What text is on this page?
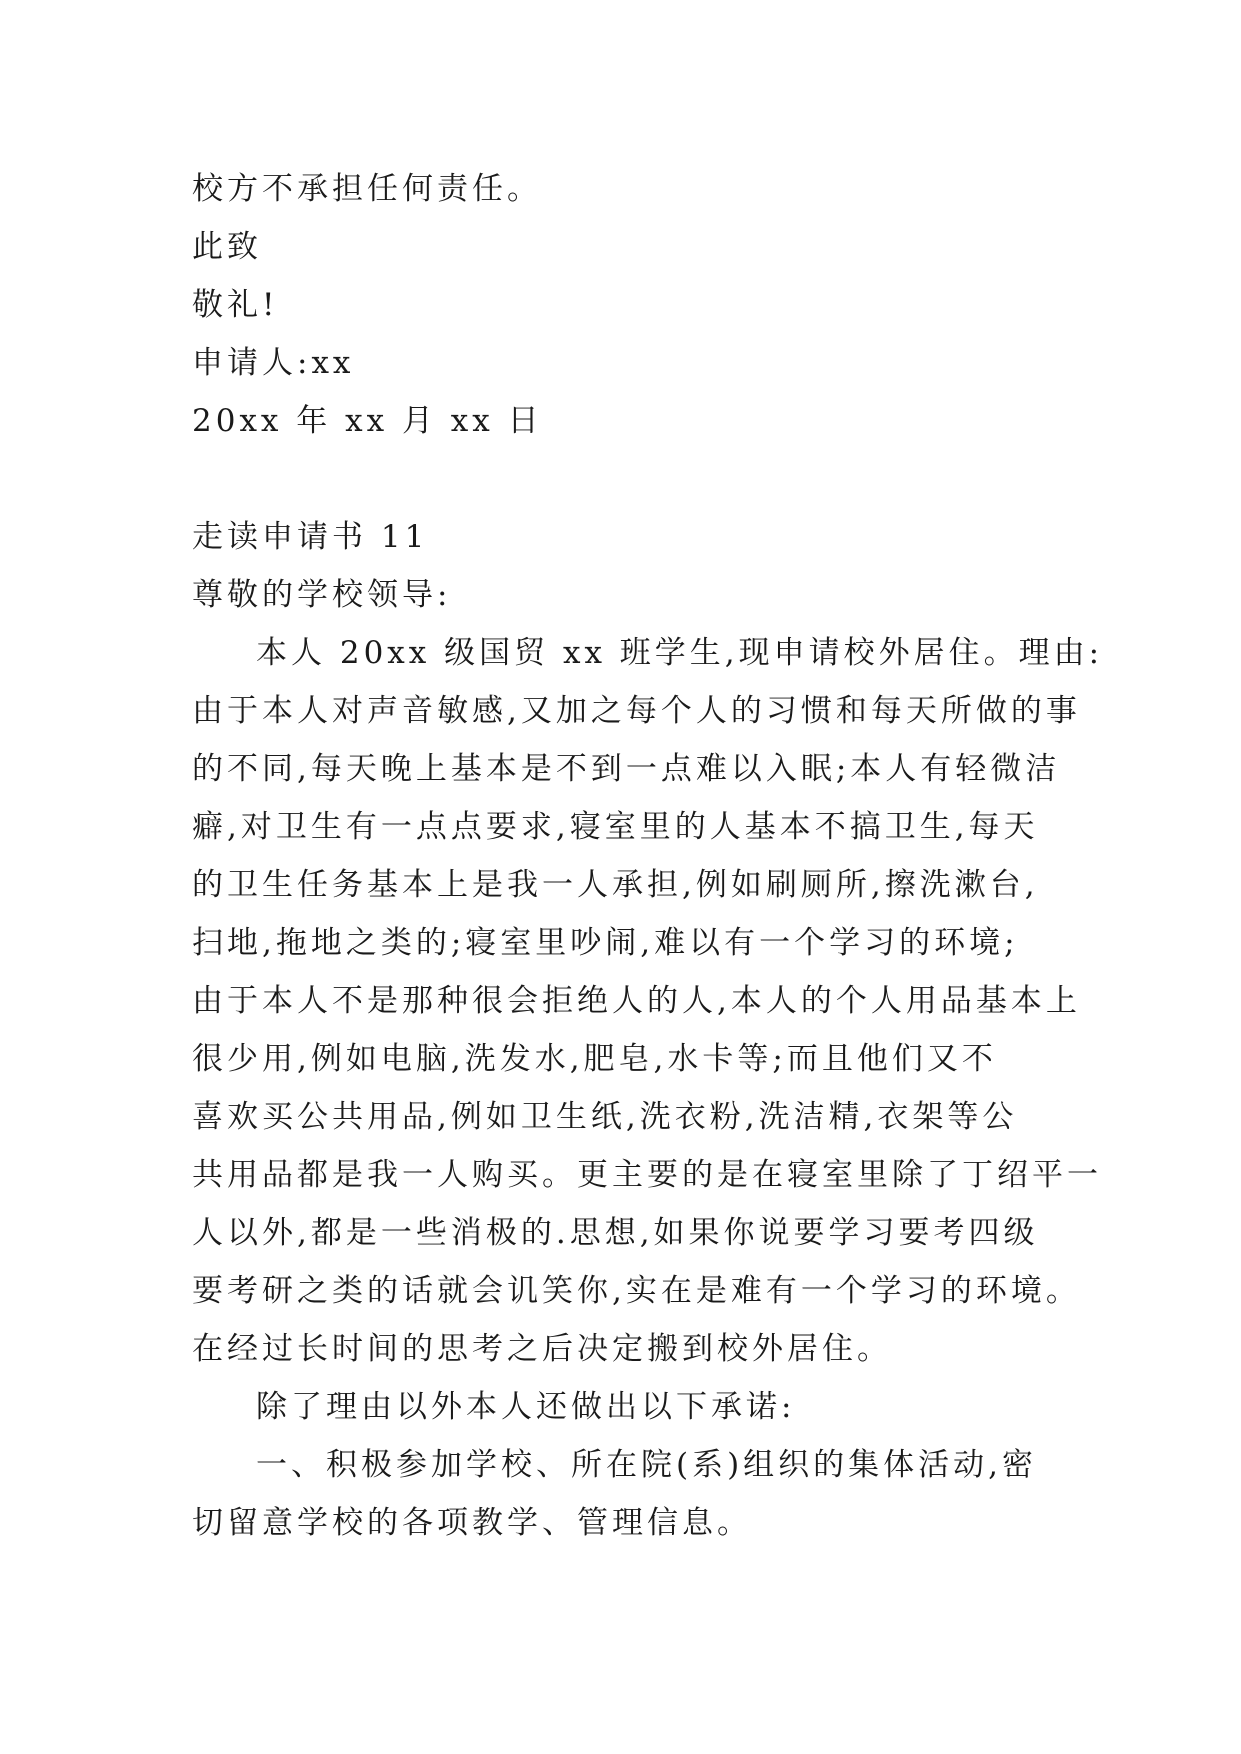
校方不承担任何责任。
此致
敬礼!
申请人:xx
20xx 年 xx 月 xx 日
走读申请书 11
尊敬的学校领导:
本人 20xx 级国贸 xx 班学生,现申请校外居住。理由:
由于本人对声音敏感,又加之每个人的习惯和每天所做的事
的不同,每天晚上基本是不到一点难以入眠;本人有轻微洁
癖,对卫生有一点点要求,寝室里的人基本不搞卫生,每天
的卫生任务基本上是我一人承担,例如刷厕所,擦洗漱台,
扫地,拖地之类的;寝室里吵闹,难以有一个学习的环境;
由于本人不是那种很会拒绝人的人,本人的个人用品基本上
很少用,例如电脑,洗发水,肥皂,水卡等;而且他们又不
喜欢买公共用品,例如卫生纸,洗衣粉,洗洁精,衣架等公
共用品都是我一人购买。更主要的是在寝室里除了丁绍平一
人以外,都是一些消极的.思想,如果你说要学习要考四级
要考研之类的话就会讥笑你,实在是难有一个学习的环境。
在经过长时间的思考之后决定搬到校外居住。
除了理由以外本人还做出以下承诺:
一、积极参加学校、所在院(系)组织的集体活动,密
切留意学校的各项教学、管理信息。
